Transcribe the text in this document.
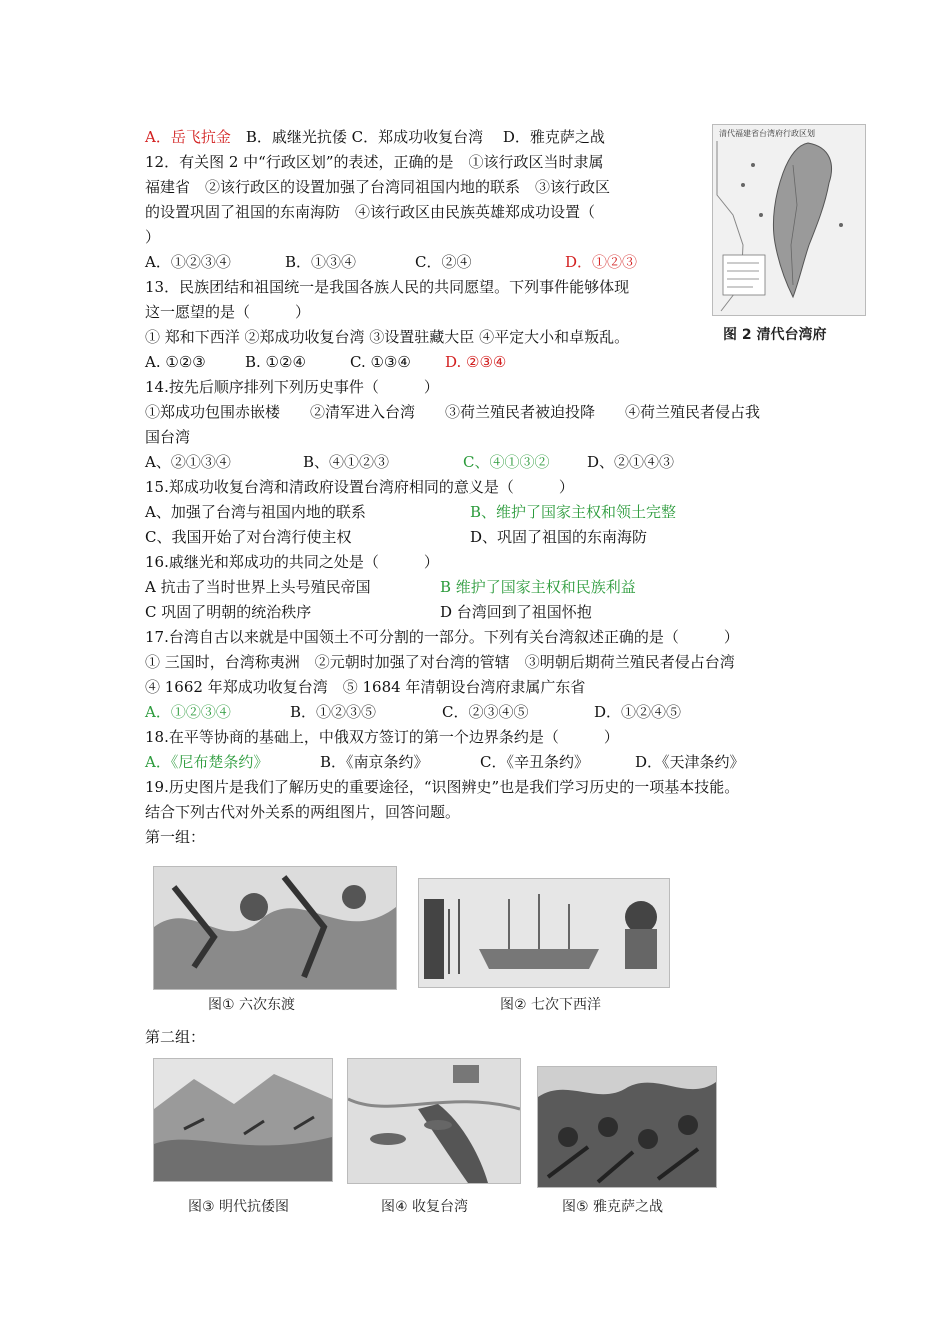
A．岳飞抗金　B．戚继光抗倭 C．郑成功收复台湾　 D．雅克萨之战
12．有关图 2 中“行政区划”的表述，正确的是　①该行政区当时隶属
福建省　②该行政区的设置加强了台湾同祖国内地的联系　③该行政区
的设置巩固了祖国的东南海防　④该行政区由民族英雄郑成功设置（
）
A．①②③④	B．①③④	C．②④	D．①②③
13．民族团结和祖国统一是我国各族人民的共同愿望。下列事件能够体现
这一愿望的是（　　　）
① 郑和下西洋 ②郑成功收复台湾 ③设置驻藏大臣 ④平定大小和卓叛乱。
A. ①②③	B. ①②④	C. ①③④ D. ②③④
14.按先后顺序排列下列历史事件（　　　）
①郑成功包围赤嵌楼　　②清军进入台湾　　③荷兰殖民者被迫投降　　④荷兰殖民者侵占我
国台湾
A、②①③④	B、④①②③	C、④①③②	D、②①④③
15.郑成功收复台湾和清政府设置台湾府相同的意义是（　　　）
A、加强了台湾与祖国内地的联系	B、维护了国家主权和领土完整
C、我国开始了对台湾行使主权	D、巩固了祖国的东南海防
16.戚继光和郑成功的共同之处是（　　　）
A 抗击了当时世界上头号殖民帝国	B 维护了国家主权和民族利益
C 巩固了明朝的统治秩序	D 台湾回到了祖国怀抱
17.台湾自古以来就是中国领土不可分割的一部分。下列有关台湾叙述正确的是（　　　）
① 三国时，台湾称夷洲　②元朝时加强了对台湾的管辖　③明朝后期荷兰殖民者侵占台湾
④ 1662 年郑成功收复台湾　⑤ 1684 年清朝设台湾府隶属广东省
A．①②③④	B．①②③⑤	C．②③④⑤	D．①②④⑤
18.在平等协商的基础上，中俄双方签订的第一个边界条约是（　　　）
A．《尼布楚条约》	B．《南京条约》	C．《辛丑条约》	D．《天津条约》
19.历史图片是我们了解历史的重要途径，“识图辨史”也是我们学习历史的一项基本技能。
结合下列古代对外关系的两组图片，回答问题。
第一组：
第二组：
清代福建省台湾府行政区划
图 2 清代台湾府
图① 六次东渡	图② 七次下西洋
图③ 明代抗倭图	图④ 收复台湾	图⑤ 雅克萨之战
